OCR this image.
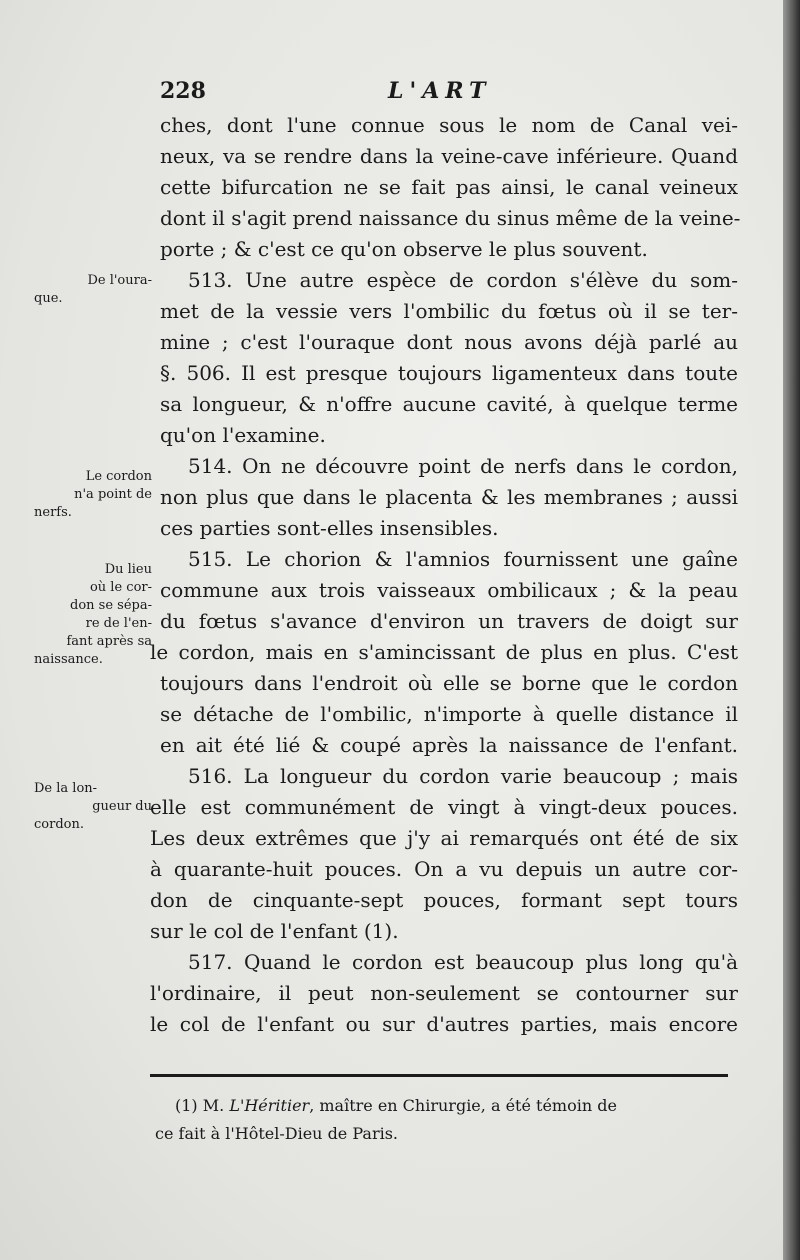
228	L'ART
De l'oura-
que.
Le cordon
n'a point de
nerfs.
Du lieu
où le cor-
don se sépa-
re de l'en-
fant après sa
naissance.
De la lon-
gueur du
cordon.
ches, dont l'une connue sous le nom de Canal vei-
neux, va se rendre dans la veine-cave inférieure. Quand
cette bifurcation ne se fait pas ainsi, le canal veineux
dont il s'agit prend naissance du sinus même de la veine-
porte ; & c'est ce qu'on observe le plus souvent.
513. Une autre espèce de cordon s'élève du som-
met de la vessie vers l'ombilic du fœtus où il se ter-
mine ; c'est l'ouraque dont nous avons déjà parlé au
§. 506. Il est presque toujours ligamenteux dans toute
sa longueur, & n'offre aucune cavité, à quelque terme
qu'on l'examine.
514. On ne découvre point de nerfs dans le cordon,
non plus que dans le placenta & les membranes ; aussi
ces parties sont-elles insensibles.
515. Le chorion & l'amnios fournissent une gaîne
commune aux trois vaisseaux ombilicaux ; & la peau
du fœtus s'avance d'environ un travers de doigt sur
le cordon, mais en s'amincissant de plus en plus. C'est
toujours dans l'endroit où elle se borne que le cordon
se détache de l'ombilic, n'importe à quelle distance il
en ait été lié & coupé après la naissance de l'enfant.
516. La longueur du cordon varie beaucoup ; mais
elle est communément de vingt à vingt-deux pouces.
Les deux extrêmes que j'y ai remarqués ont été de six
à quarante-huit pouces. On a vu depuis un autre cor-
don de cinquante-sept pouces, formant sept tours
sur le col de l'enfant (1).
517. Quand le cordon est beaucoup plus long qu'à
l'ordinaire, il peut non-seulement se contourner sur
le col de l'enfant ou sur d'autres parties, mais encore
(1) M. L'Héritier, maître en Chirurgie, a été témoin de
ce fait à l'Hôtel-Dieu de Paris.
